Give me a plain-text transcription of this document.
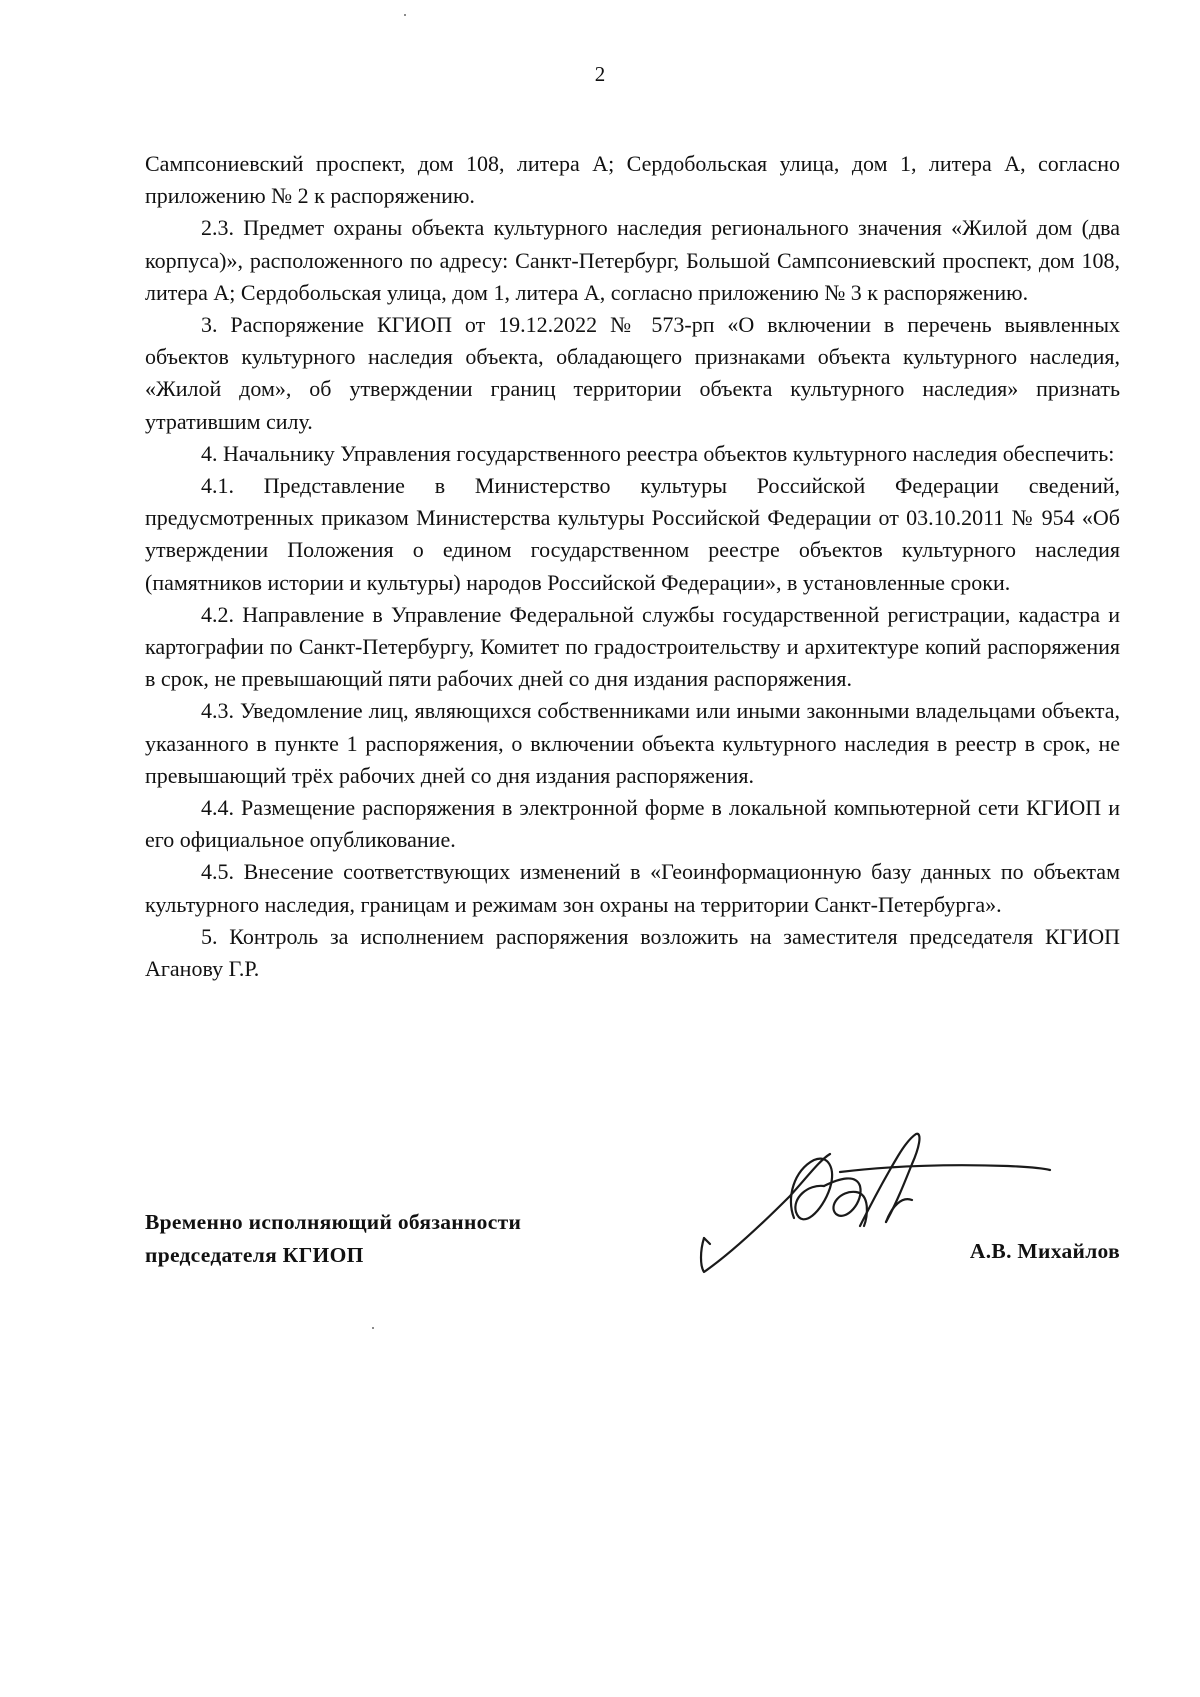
2

Сампсониевский проспект, дом 108, литера А; Сердобольская улица, дом 1, литера А, согласно приложению № 2 к распоряжению.

2.3. Предмет охраны объекта культурного наследия регионального значения «Жилой дом (два корпуса)», расположенного по адресу: Санкт-Петербург, Большой Сампсониевский проспект, дом 108, литера А; Сердобольская улица, дом 1, литера А, согласно приложению № 3 к распоряжению.

3. Распоряжение КГИОП от 19.12.2022 № 573-рп «О включении в перечень выявленных объектов культурного наследия объекта, обладающего признаками объекта культурного наследия, «Жилой дом», об утверждении границ территории объекта культурного наследия» признать утратившим силу.

4. Начальнику Управления государственного реестра объектов культурного наследия обеспечить:

4.1. Представление в Министерство культуры Российской Федерации сведений, предусмотренных приказом Министерства культуры Российской Федерации от 03.10.2011 № 954 «Об утверждении Положения о едином государственном реестре объектов культурного наследия (памятников истории и культуры) народов Российской Федерации», в установленные сроки.

4.2. Направление в Управление Федеральной службы государственной регистрации, кадастра и картографии по Санкт-Петербургу, Комитет по градостроительству и архитектуре копий распоряжения в срок, не превышающий пяти рабочих дней со дня издания распоряжения.

4.3. Уведомление лиц, являющихся собственниками или иными законными владельцами объекта, указанного в пункте 1 распоряжения, о включении объекта культурного наследия в реестр в срок, не превышающий трёх рабочих дней со дня издания распоряжения.

4.4. Размещение распоряжения в электронной форме в локальной компьютерной сети КГИОП и его официальное опубликование.

4.5. Внесение соответствующих изменений в «Геоинформационную базу данных по объектам культурного наследия, границам и режимам зон охраны на территории Санкт-Петербурга».

5. Контроль за исполнением распоряжения возложить на заместителя председателя КГИОП Аганову Г.Р.

Временно исполняющий обязанности
председателя КГИОП	А.В. Михайлов
